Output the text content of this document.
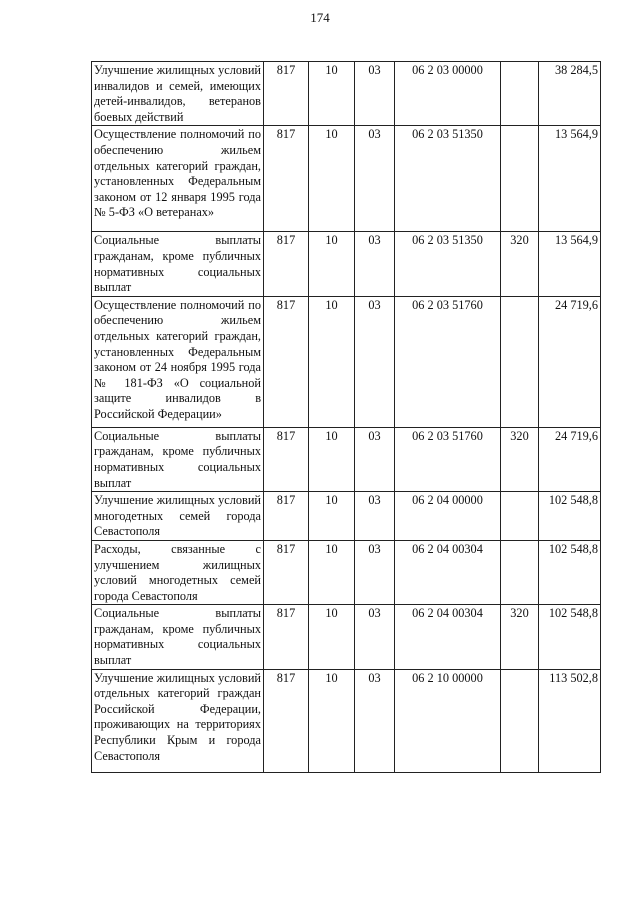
174
Улучшение жилищных условий инвалидов и семей, имеющих детей-инвалидов, ветеранов боевых действий	817	10	03	06 2 03 00000		38 284,5
Осуществление полномочий по обеспечению жильем отдельных категорий граждан, установленных Федеральным законом от 12 января 1995 года № 5-ФЗ «О ветеранах»	817	10	03	06 2 03 51350		13 564,9
Социальные выплаты гражданам, кроме публичных нормативных социальных выплат	817	10	03	06 2 03 51350	320	13 564,9
Осуществление полномочий по обеспечению жильем отдельных категорий граждан, установленных Федеральным законом от 24 ноября 1995 года № 181-ФЗ «О социальной защите инвалидов в Российской Федерации»	817	10	03	06 2 03 51760		24 719,6
Социальные выплаты гражданам, кроме публичных нормативных социальных выплат	817	10	03	06 2 03 51760	320	24 719,6
Улучшение жилищных условий многодетных семей города Севастополя	817	10	03	06 2 04 00000		102 548,8
Расходы, связанные с улучшением жилищных условий многодетных семей города Севастополя	817	10	03	06 2 04 00304		102 548,8
Социальные выплаты гражданам, кроме публичных нормативных социальных выплат	817	10	03	06 2 04 00304	320	102 548,8
Улучшение жилищных условий отдельных категорий граждан Российской Федерации, проживающих на территориях Республики Крым и города Севастополя	817	10	03	06 2 10 00000		113 502,8
